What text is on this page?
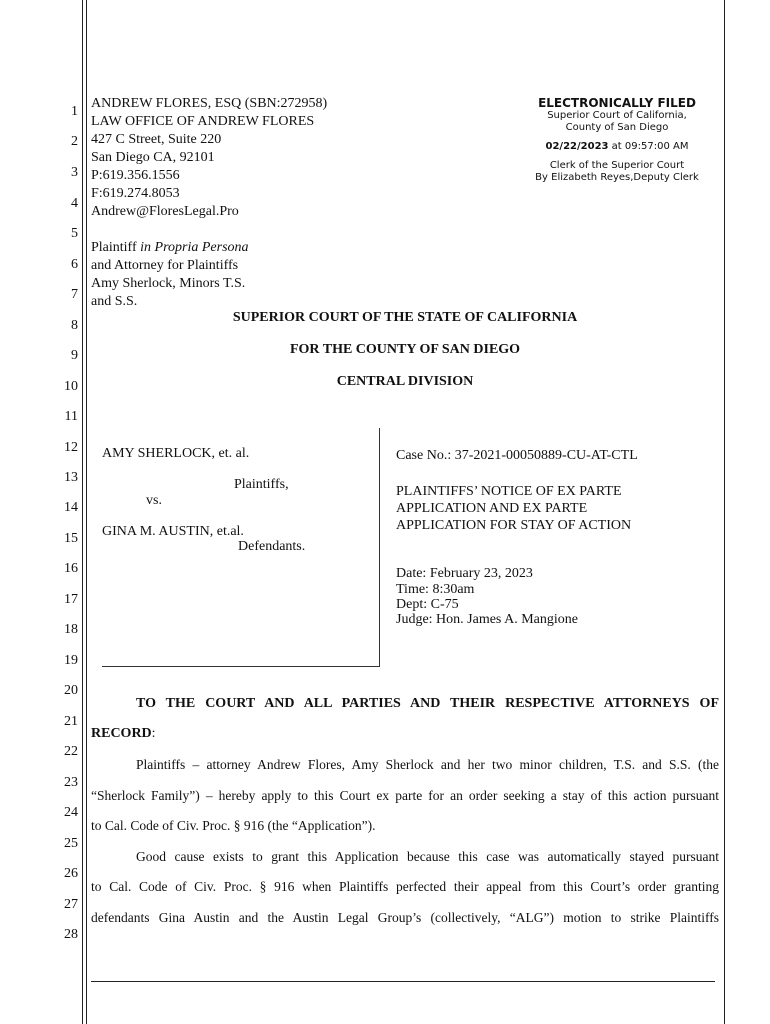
1
2
3
4
5
6
7
8
9
10
11
12
13
14
15
16
17
18
19
20
21
22
23
24
25
26
27
28
ANDREW FLORES, ESQ (SBN:272958)
LAW OFFICE OF ANDREW FLORES
427 C Street, Suite 220
San Diego CA, 92101
P:619.356.1556
F:619.274.8053
Andrew@FloresLegal.Pro
Plaintiff in Propria Persona
and Attorney for Plaintiffs
Amy Sherlock, Minors T.S.
and S.S.
ELECTRONICALLY FILED
Superior Court of California,
County of San Diego
02/22/2023 at 09:57:00 AM
Clerk of the Superior Court
By Elizabeth Reyes,Deputy Clerk
SUPERIOR COURT OF THE STATE OF CALIFORNIA
FOR THE COUNTY OF SAN DIEGO
CENTRAL DIVISION
AMY SHERLOCK, et. al.
Plaintiffs,
vs.
GINA M. AUSTIN, et.al.
Defendants.
Case No.: 37-2021-00050889-CU-AT-CTL
PLAINTIFFS’ NOTICE OF EX PARTE
APPLICATION AND EX PARTE
APPLICATION FOR STAY OF ACTION
Date: February 23, 2023
Time: 8:30am
Dept: C-75
Judge: Hon. James A. Mangione
TO THE COURT AND ALL PARTIES AND THEIR RESPECTIVE ATTORNEYS OF
RECORD:
Plaintiffs – attorney Andrew Flores, Amy Sherlock and her two minor children, T.S. and S.S. (the
“Sherlock Family”) – hereby apply to this Court ex parte for an order seeking a stay of this action pursuant
to Cal. Code of Civ. Proc. § 916 (the “Application”).
Good cause exists to grant this Application because this case was automatically stayed pursuant
to Cal. Code of Civ. Proc. § 916 when Plaintiffs perfected their appeal from this Court’s order granting
defendants Gina Austin and the Austin Legal Group’s (collectively, “ALG”) motion to strike Plaintiffs
